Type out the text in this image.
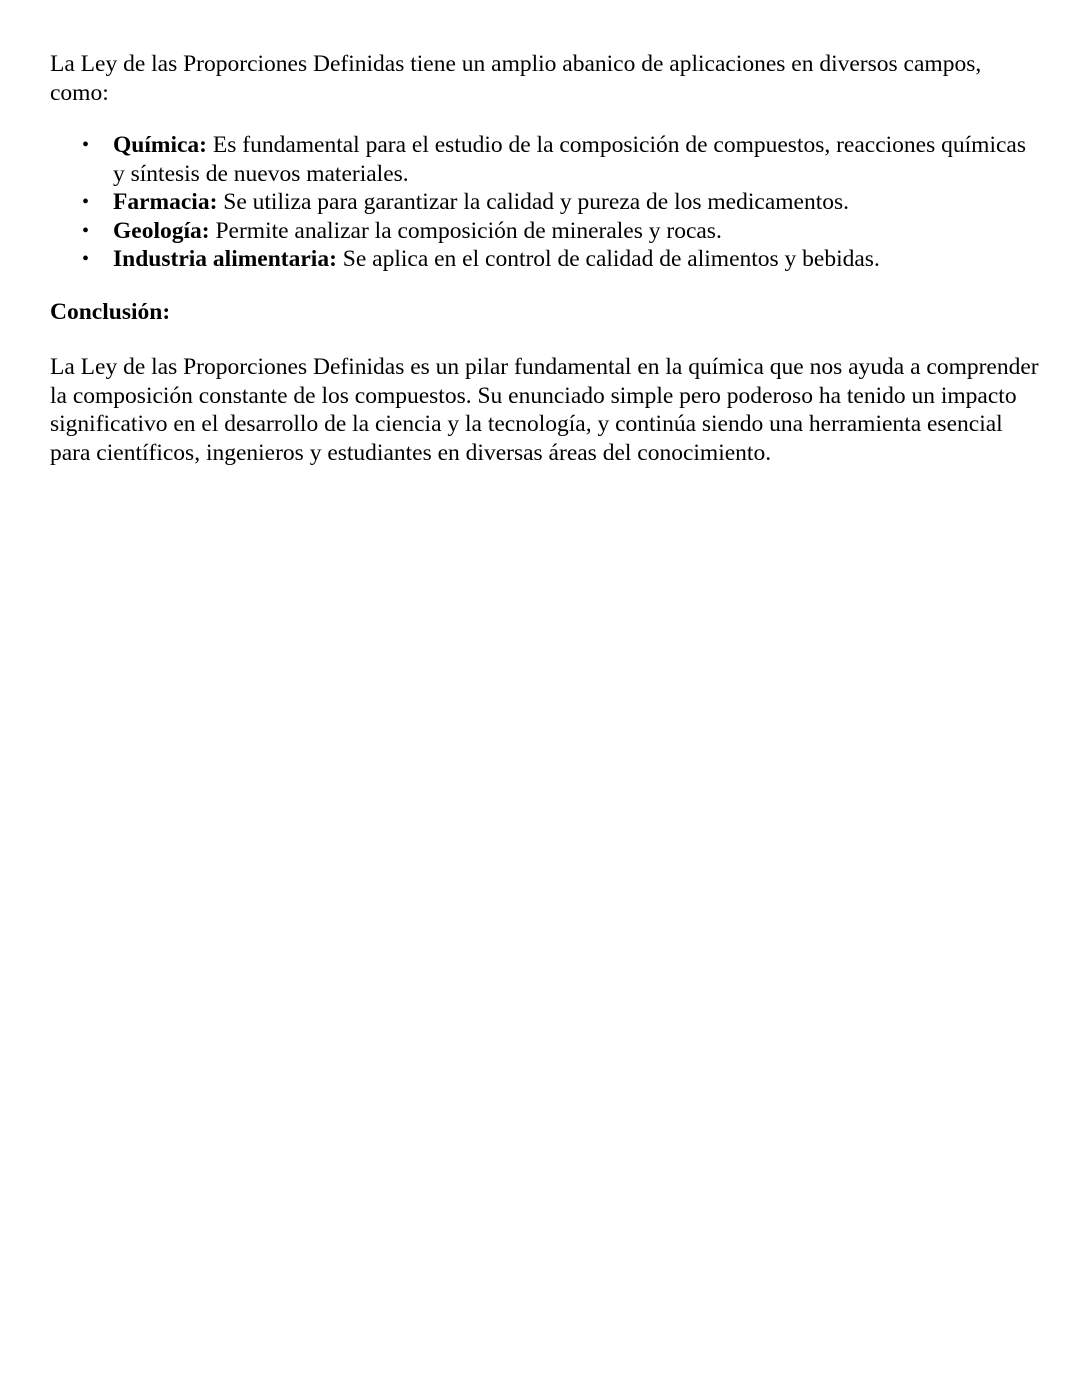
La Ley de las Proporciones Definidas tiene un amplio abanico de aplicaciones en diversos campos, como:

• Química: Es fundamental para el estudio de la composición de compuestos, reacciones químicas y síntesis de nuevos materiales.
• Farmacia: Se utiliza para garantizar la calidad y pureza de los medicamentos.
• Geología: Permite analizar la composición de minerales y rocas.
• Industria alimentaria: Se aplica en el control de calidad de alimentos y bebidas.

Conclusión:

La Ley de las Proporciones Definidas es un pilar fundamental en la química que nos ayuda a comprender la composición constante de los compuestos. Su enunciado simple pero poderoso ha tenido un impacto significativo en el desarrollo de la ciencia y la tecnología, y continúa siendo una herramienta esencial para científicos, ingenieros y estudiantes en diversas áreas del conocimiento.
